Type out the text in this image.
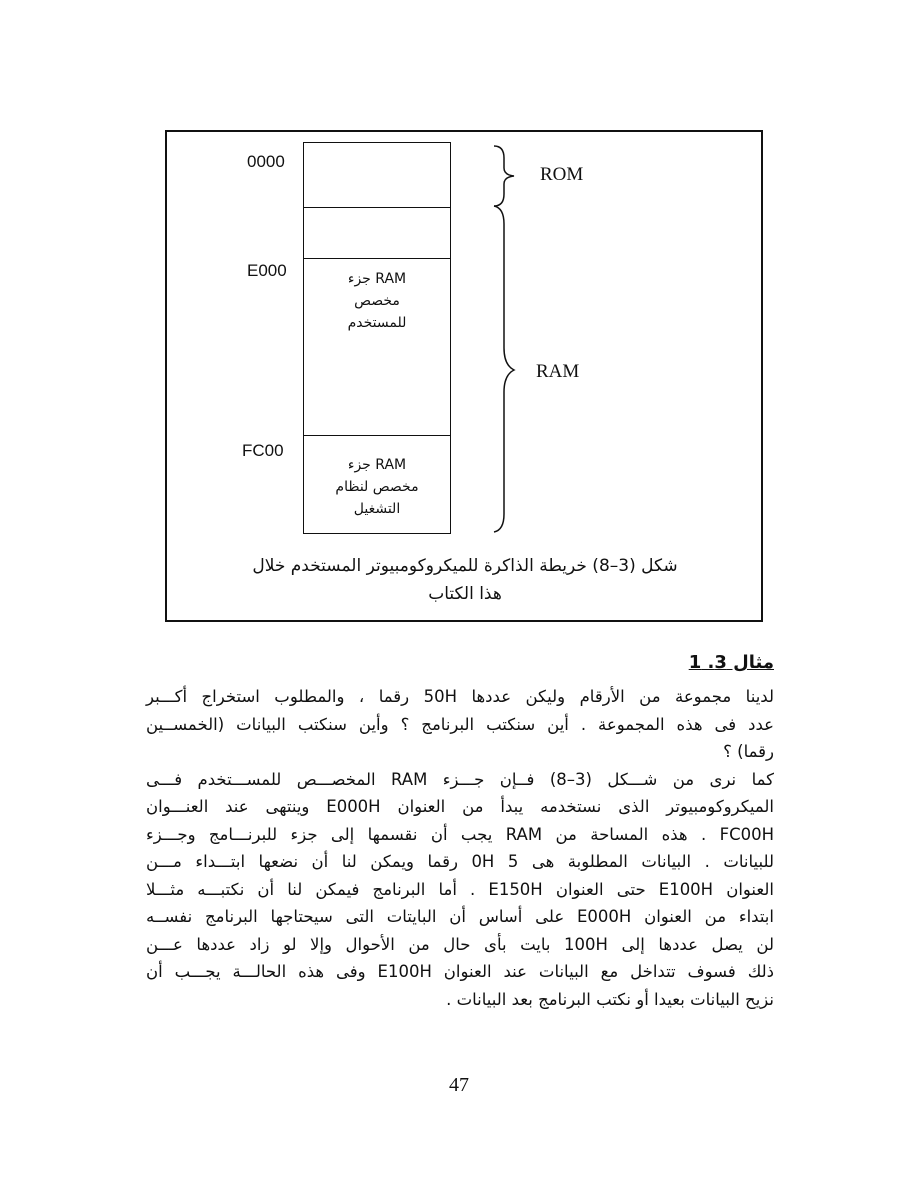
0000
E000
FC00
RAM جزء
مخصص
للمستخدم
RAM جزء
مخصص لنظام
التشغيل
ROM
RAM
شكل (3–8) خريطة الذاكرة للميكروكومبيوتر المستخدم خلال
هذا الكتاب
مثال 3. 1
لدينا مجموعة من الأرقام وليكن عددها 50H رقما ، والمطلوب استخراج أكـــبر
عدد فى هذه المجموعة . أين سنكتب البرنامج ؟ وأين سنكتب البيانات (الخمســين
رقما) ؟
كما نرى من شـــكل (3–8) فــإن جـــزء RAM المخصـــص للمســـتخدم فـــى
الميكروكومبيوتر الذى نستخدمه يبدأ من العنوان E000H وينتهى عند العنـــوان
FC00H . هذه المساحة من RAM يجب أن نقسمها إلى جزء للبرنـــامج وجـــزء
للبيانات . البيانات المطلوبة هى 5 0H رقما ويمكن لنا أن نضعها ابتـــداء مـــن
العنوان E100H حتى العنوان E150H . أما البرنامج فيمكن لنا أن نكتبـــه مثـــلا
ابتداء من العنوان E000H على أساس أن البايتات التى سيحتاجها البرنامج نفســه
لن يصل عددها إلى 100H بايت بأى حال من الأحوال وإلا لو زاد عددها عـــن
ذلك فسوف تتداخل مع البيانات عند العنوان E100H وفى هذه الحالـــة يجـــب أن
نزيح البيانات بعيدا أو نكتب البرنامج بعد البيانات .
47
